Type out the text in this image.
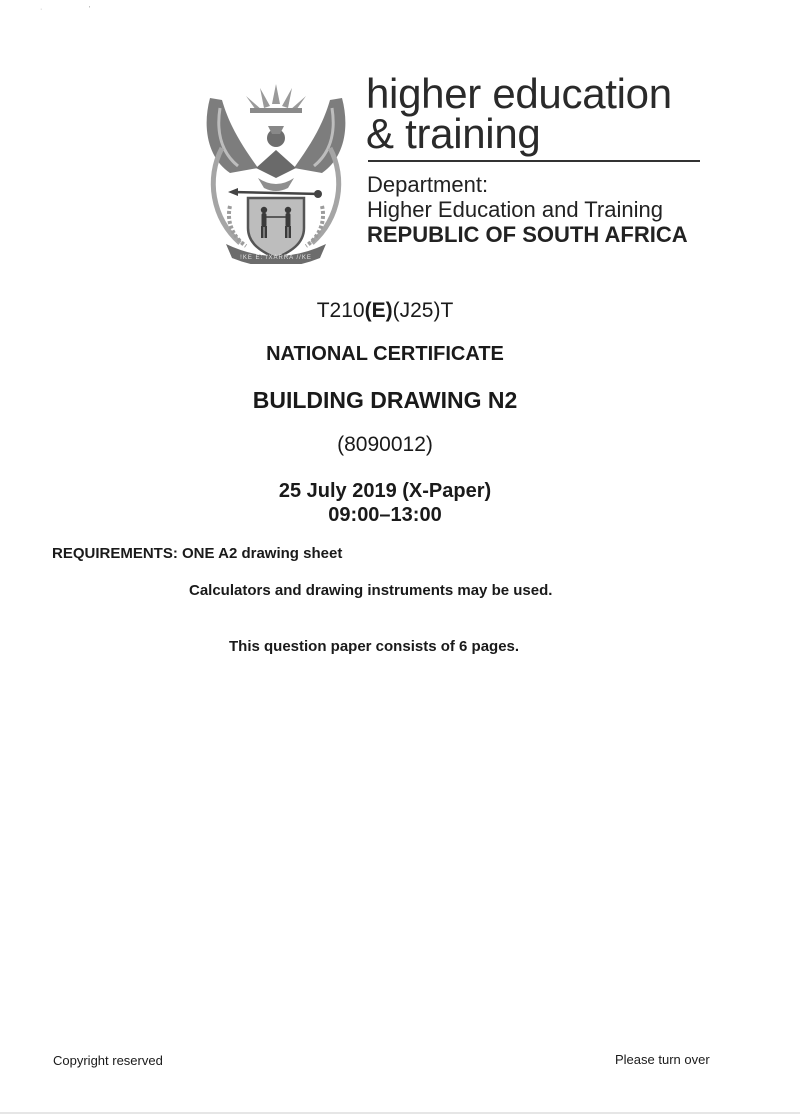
·                        '
!KE E: /XARRA //KE
higher education
& training
Department:
Higher Education and Training
REPUBLIC OF SOUTH AFRICA
T210(E)(J25)T
NATIONAL CERTIFICATE
BUILDING DRAWING N2
(8090012)
25 July 2019 (X-Paper)
09:00–13:00
REQUIREMENTS: ONE A2 drawing sheet
Calculators and drawing instruments may be used.
This question paper consists of 6 pages.
Copyright reserved	Please turn over
